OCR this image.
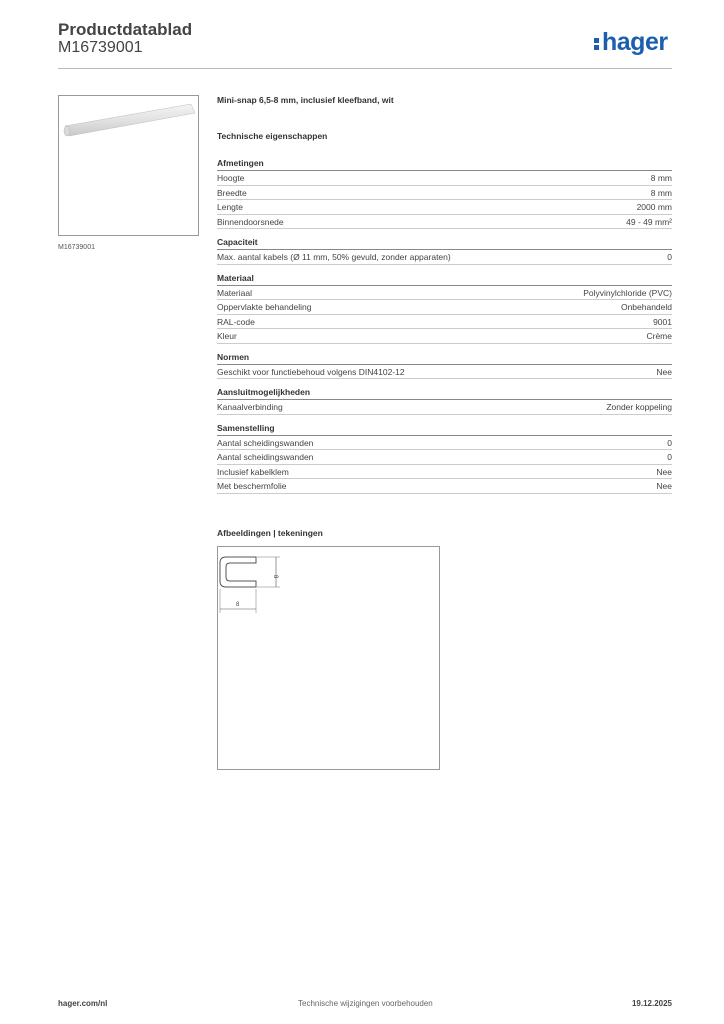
Productdatablad
M16739001	hager
M16739001
Mini-snap 6,5-8 mm, inclusief kleefband, wit
Technische eigenschappen
Afmetingen
Hoogte	8 mm
Breedte	8 mm
Lengte	2000 mm
Binnendoorsnede	49 - 49 mm²
Capaciteit
Max. aantal kabels (Ø 11 mm, 50% gevuld, zonder apparaten)	0
Materiaal
Materiaal	Polyvinylchloride (PVC)
Oppervlakte behandeling	Onbehandeld
RAL-code	9001
Kleur	Crème
Normen
Geschikt voor functiebehoud volgens DIN4102-12	Nee
Aansluitmogelijkheden
Kanaalverbinding	Zonder koppeling
Samenstelling
Aantal scheidingswanden	0
Aantal scheidingswanden	0
Inclusief kabelklem	Nee
Met beschermfolie	Nee
Afbeeldingen | tekeningen
8
8
hager.com/nl	Technische wijzigingen voorbehouden	19.12.2025
